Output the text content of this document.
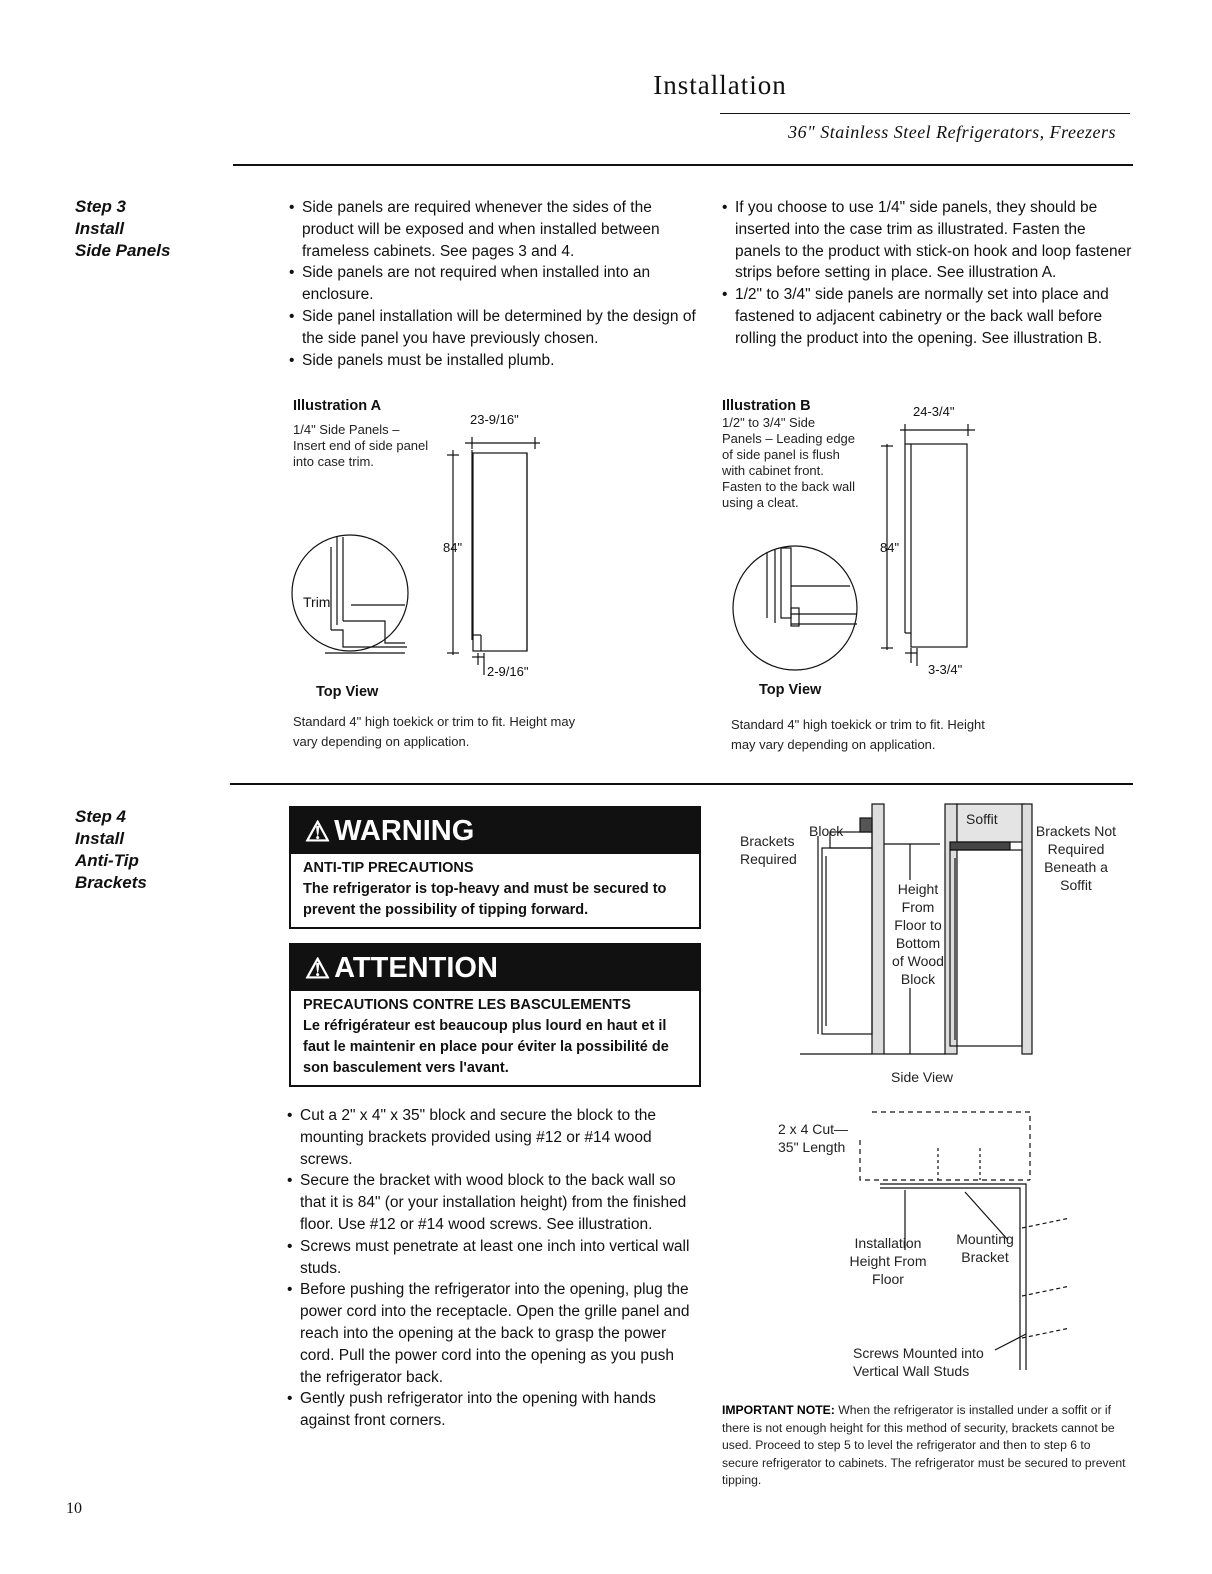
Installation
36" Stainless Steel Refrigerators, Freezers
Step 3
Install
Side Panels
• Side panels are required whenever the sides of the product will be exposed and when installed between frameless cabinets. See pages 3 and 4.
• Side panels are not required when installed into an enclosure.
• Side panel installation will be determined by the design of the side panel you have previously chosen.
• Side panels must be installed plumb.
• If you choose to use 1/4" side panels, they should be inserted into the case trim as illustrated. Fasten the panels to the product with stick-on hook and loop fastener strips before setting in place. See illustration A.
• 1/2" to 3/4" side panels are normally set into place and fastened to adjacent cabinetry or the back wall before rolling the product into the opening. See illustration B.
Illustration A
1/4" Side Panels – Insert end of side panel into case trim.
23-9/16"
84"
2-9/16"
Trim
Top View
Standard 4" high toekick or trim to fit. Height may vary depending on application.
Illustration B
1/2" to 3/4" Side Panels – Leading edge of side panel is flush with cabinet front. Fasten to the back wall using a cleat.
24-3/4"
84"
3-3/4"
Top View
Standard 4" high toekick or trim to fit. Height may vary depending on application.
Step 4
Install
Anti-Tip
Brackets
⚠ WARNING
ANTI-TIP PRECAUTIONS
The refrigerator is top-heavy and must be secured to prevent the possibility of tipping forward.
⚠ ATTENTION
PRECAUTIONS CONTRE LES BASCULEMENTS
Le réfrigérateur est beaucoup plus lourd en haut et il faut le maintenir en place pour éviter la possibilité de son basculement vers l'avant.
• Cut a 2" x 4" x 35" block and secure the block to the mounting brackets provided using #12 or #14 wood screws.
• Secure the bracket with wood block to the back wall so that it is 84" (or your installation height) from the finished floor. Use #12 or #14 wood screws. See illustration.
• Screws must penetrate at least one inch into vertical wall studs.
• Before pushing the refrigerator into the opening, plug the power cord into the receptacle. Open the grille panel and reach into the opening at the back to grasp the power cord. Pull the power cord into the opening as you push the refrigerator back.
• Gently push refrigerator into the opening with hands against front corners.
Brackets Required
Block
Soffit
Brackets Not Required Beneath a Soffit
Height From Floor to Bottom of Wood Block
Side View
2 x 4 Cut— 35" Length
Installation Height From Floor
Mounting Bracket
Screws Mounted into Vertical Wall Studs
IMPORTANT NOTE: When the refrigerator is installed under a soffit or if there is not enough height for this method of security, brackets cannot be used. Proceed to step 5 to level the refrigerator and then to step 6 to secure refrigerator to cabinets. The refrigerator must be secured to prevent tipping.
10
